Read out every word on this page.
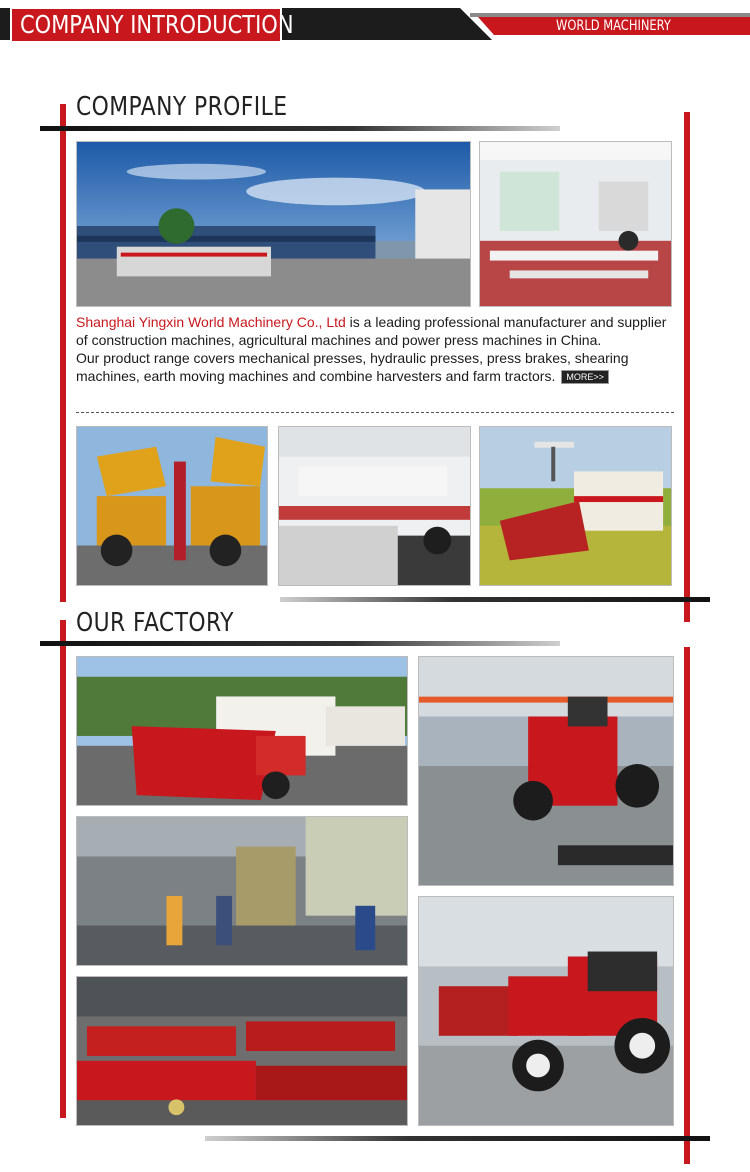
COMPANY INTRODUCTION	WORLD MACHINERY
COMPANY PROFILE
Shanghai Yingxin World Machinery Co., Ltd is a leading professional manufacturer and supplier of construction machines, agricultural machines and power press machines in China.
Our product range covers mechanical presses, hydraulic presses, press brakes, shearing machines, earth moving machines and combine harvesters and farm tractors. MORE>>
OUR FACTORY
